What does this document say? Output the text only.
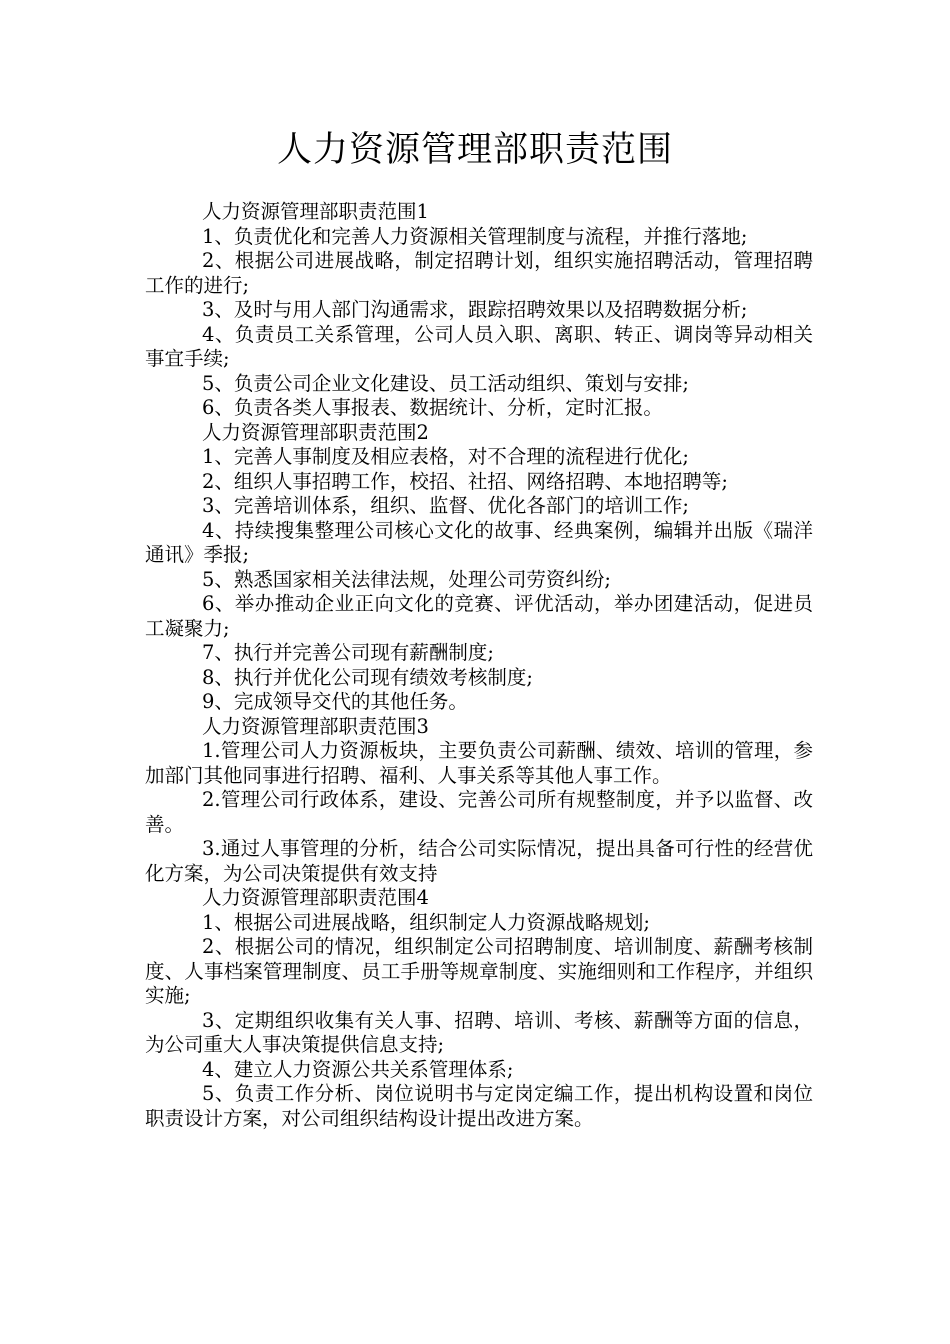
人力资源管理部职责范围

人力资源管理部职责范围1

1、负责优化和完善人力资源相关管理制度与流程，并推行落地;

2、根据公司进展战略，制定招聘计划，组织实施招聘活动，管理招聘工作的进行;

3、及时与用人部门沟通需求，跟踪招聘效果以及招聘数据分析;

4、负责员工关系管理，公司人员入职、离职、转正、调岗等异动相关事宜手续;

5、负责公司企业文化建设、员工活动组织、策划与安排;

6、负责各类人事报表、数据统计、分析，定时汇报。

人力资源管理部职责范围2

1、完善人事制度及相应表格，对不合理的流程进行优化;

2、组织人事招聘工作，校招、社招、网络招聘、本地招聘等;

3、完善培训体系，组织、监督、优化各部门的培训工作;

4、持续搜集整理公司核心文化的故事、经典案例，编辑并出版《瑞洋通讯》季报;

5、熟悉国家相关法律法规，处理公司劳资纠纷;

6、举办推动企业正向文化的竞赛、评优活动，举办团建活动，促进员工凝聚力;

7、执行并完善公司现有薪酬制度;

8、执行并优化公司现有绩效考核制度;

9、完成领导交代的其他任务。

人力资源管理部职责范围3

1.管理公司人力资源板块，主要负责公司薪酬、绩效、培训的管理，参加部门其他同事进行招聘、福利、人事关系等其他人事工作。

2.管理公司行政体系，建设、完善公司所有规整制度，并予以监督、改善。

3.通过人事管理的分析，结合公司实际情况，提出具备可行性的经营优化方案，为公司决策提供有效支持

人力资源管理部职责范围4

1、根据公司进展战略，组织制定人力资源战略规划;

2、根据公司的情况，组织制定公司招聘制度、培训制度、薪酬考核制度、人事档案管理制度、员工手册等规章制度、实施细则和工作程序，并组织实施;

3、定期组织收集有关人事、招聘、培训、考核、薪酬等方面的信息，为公司重大人事决策提供信息支持;

4、建立人力资源公共关系管理体系;

5、负责工作分析、岗位说明书与定岗定编工作，提出机构设置和岗位职责设计方案，对公司组织结构设计提出改进方案。
